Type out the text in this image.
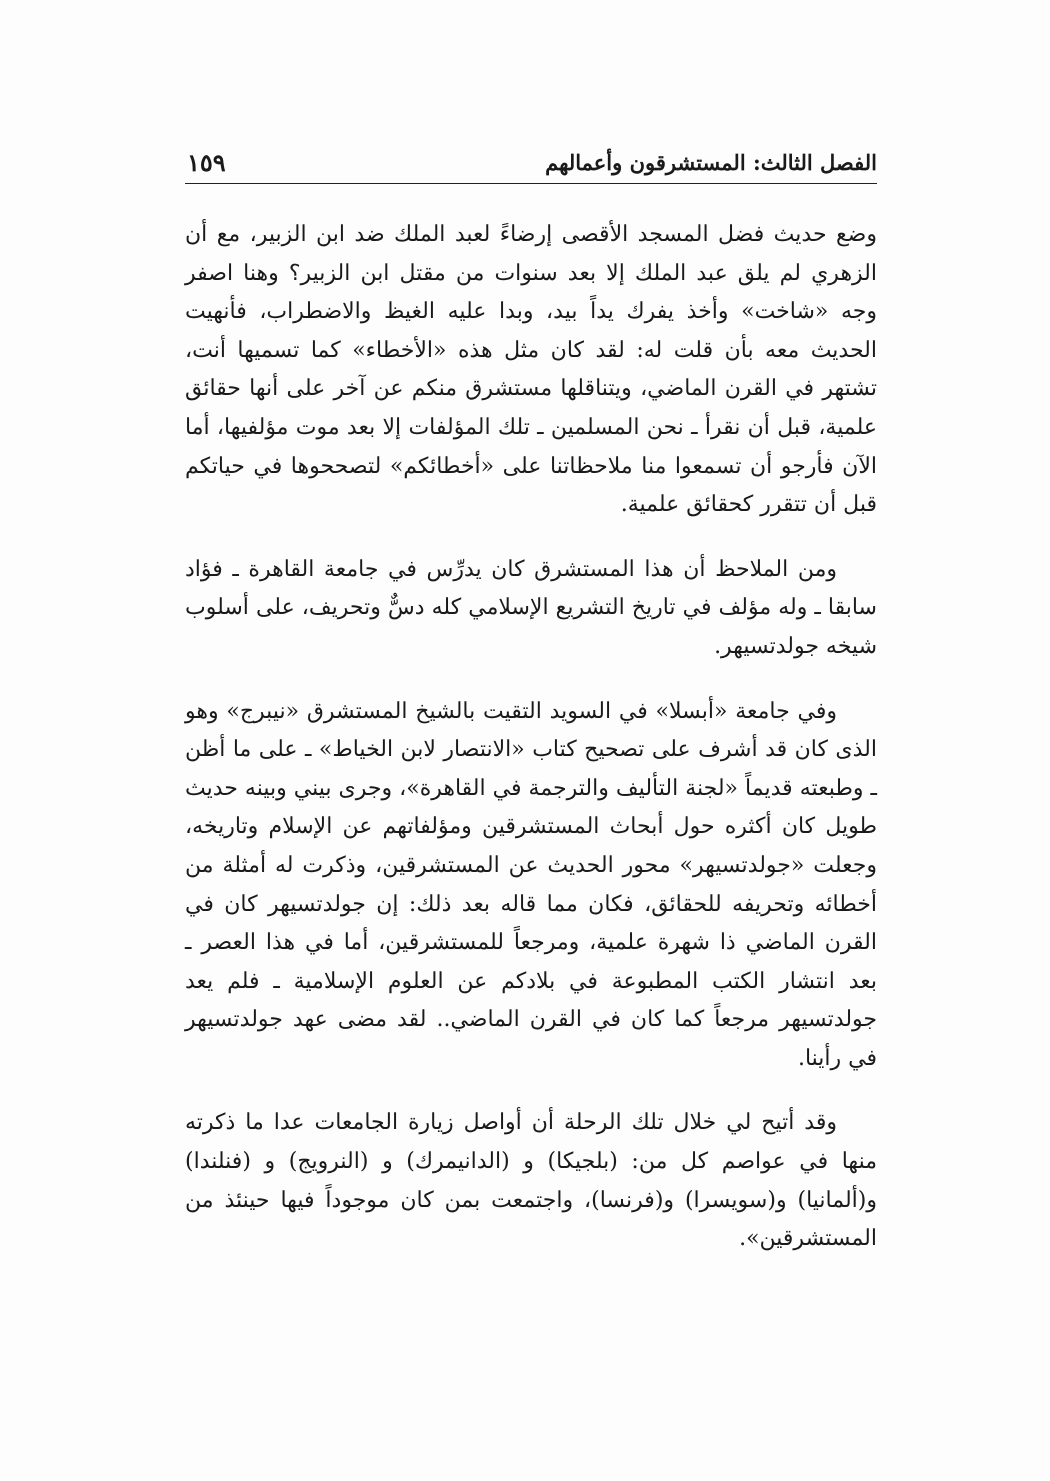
الفصل الثالث: المستشرقون وأعمالهم
١٥٩

وضع حديث فضل المسجد الأقصى إرضاءً لعبد الملك ضد ابن الزبير، مع أن الزهري لم يلق عبد الملك إلا بعد سنوات من مقتل ابن الزبير؟ وهنا اصفر وجه «شاخت» وأخذ يفرك يداً بيد، وبدا عليه الغيظ والاضطراب، فأنهيت الحديث معه بأن قلت له: لقد كان مثل هذه «الأخطاء» كما تسميها أنت، تشتهر في القرن الماضي، ويتناقلها مستشرق منكم عن آخر على أنها حقائق علمية، قبل أن نقرأ ـ نحن المسلمين ـ تلك المؤلفات إلا بعد موت مؤلفيها، أما الآن فأرجو أن تسمعوا منا ملاحظاتنا على «أخطائكم» لتصححوها في حياتكم قبل أن تتقرر كحقائق علمية.

ومن الملاحظ أن هذا المستشرق كان يدرِّس في جامعة القاهرة ـ فؤاد سابقا ـ وله مؤلف في تاريخ التشريع الإسلامي كله دسٌّ وتحريف، على أسلوب شيخه جولدتسيهر.

وفي جامعة «أبسلا» في السويد التقيت بالشيخ المستشرق «نيبرج» وهو الذى كان قد أشرف على تصحيح كتاب «الانتصار لابن الخياط» ـ على ما أظن ـ وطبعته قديماً «لجنة التأليف والترجمة في القاهرة»، وجرى بيني وبينه حديث طويل كان أكثره حول أبحاث المستشرقين ومؤلفاتهم عن الإسلام وتاريخه، وجعلت «جولدتسيهر» محور الحديث عن المستشرقين، وذكرت له أمثلة من أخطائه وتحريفه للحقائق، فكان مما قاله بعد ذلك: إن جولدتسيهر كان في القرن الماضي ذا شهرة علمية، ومرجعاً للمستشرقين، أما في هذا العصر ـ بعد انتشار الكتب المطبوعة في بلادكم عن العلوم الإسلامية ـ فلم يعد جولدتسيهر مرجعاً كما كان في القرن الماضي.. لقد مضى عهد جولدتسيهر في رأينا.

وقد أتيح لي خلال تلك الرحلة أن أواصل زيارة الجامعات عدا ما ذكرته منها في عواصم كل من: (بلجيكا) و (الدانيمرك) و (النرويج) و (فنلندا) و(ألمانيا) و(سويسرا) و(فرنسا)، واجتمعت بمن كان موجوداً فيها حينئذ من المستشرقين».
